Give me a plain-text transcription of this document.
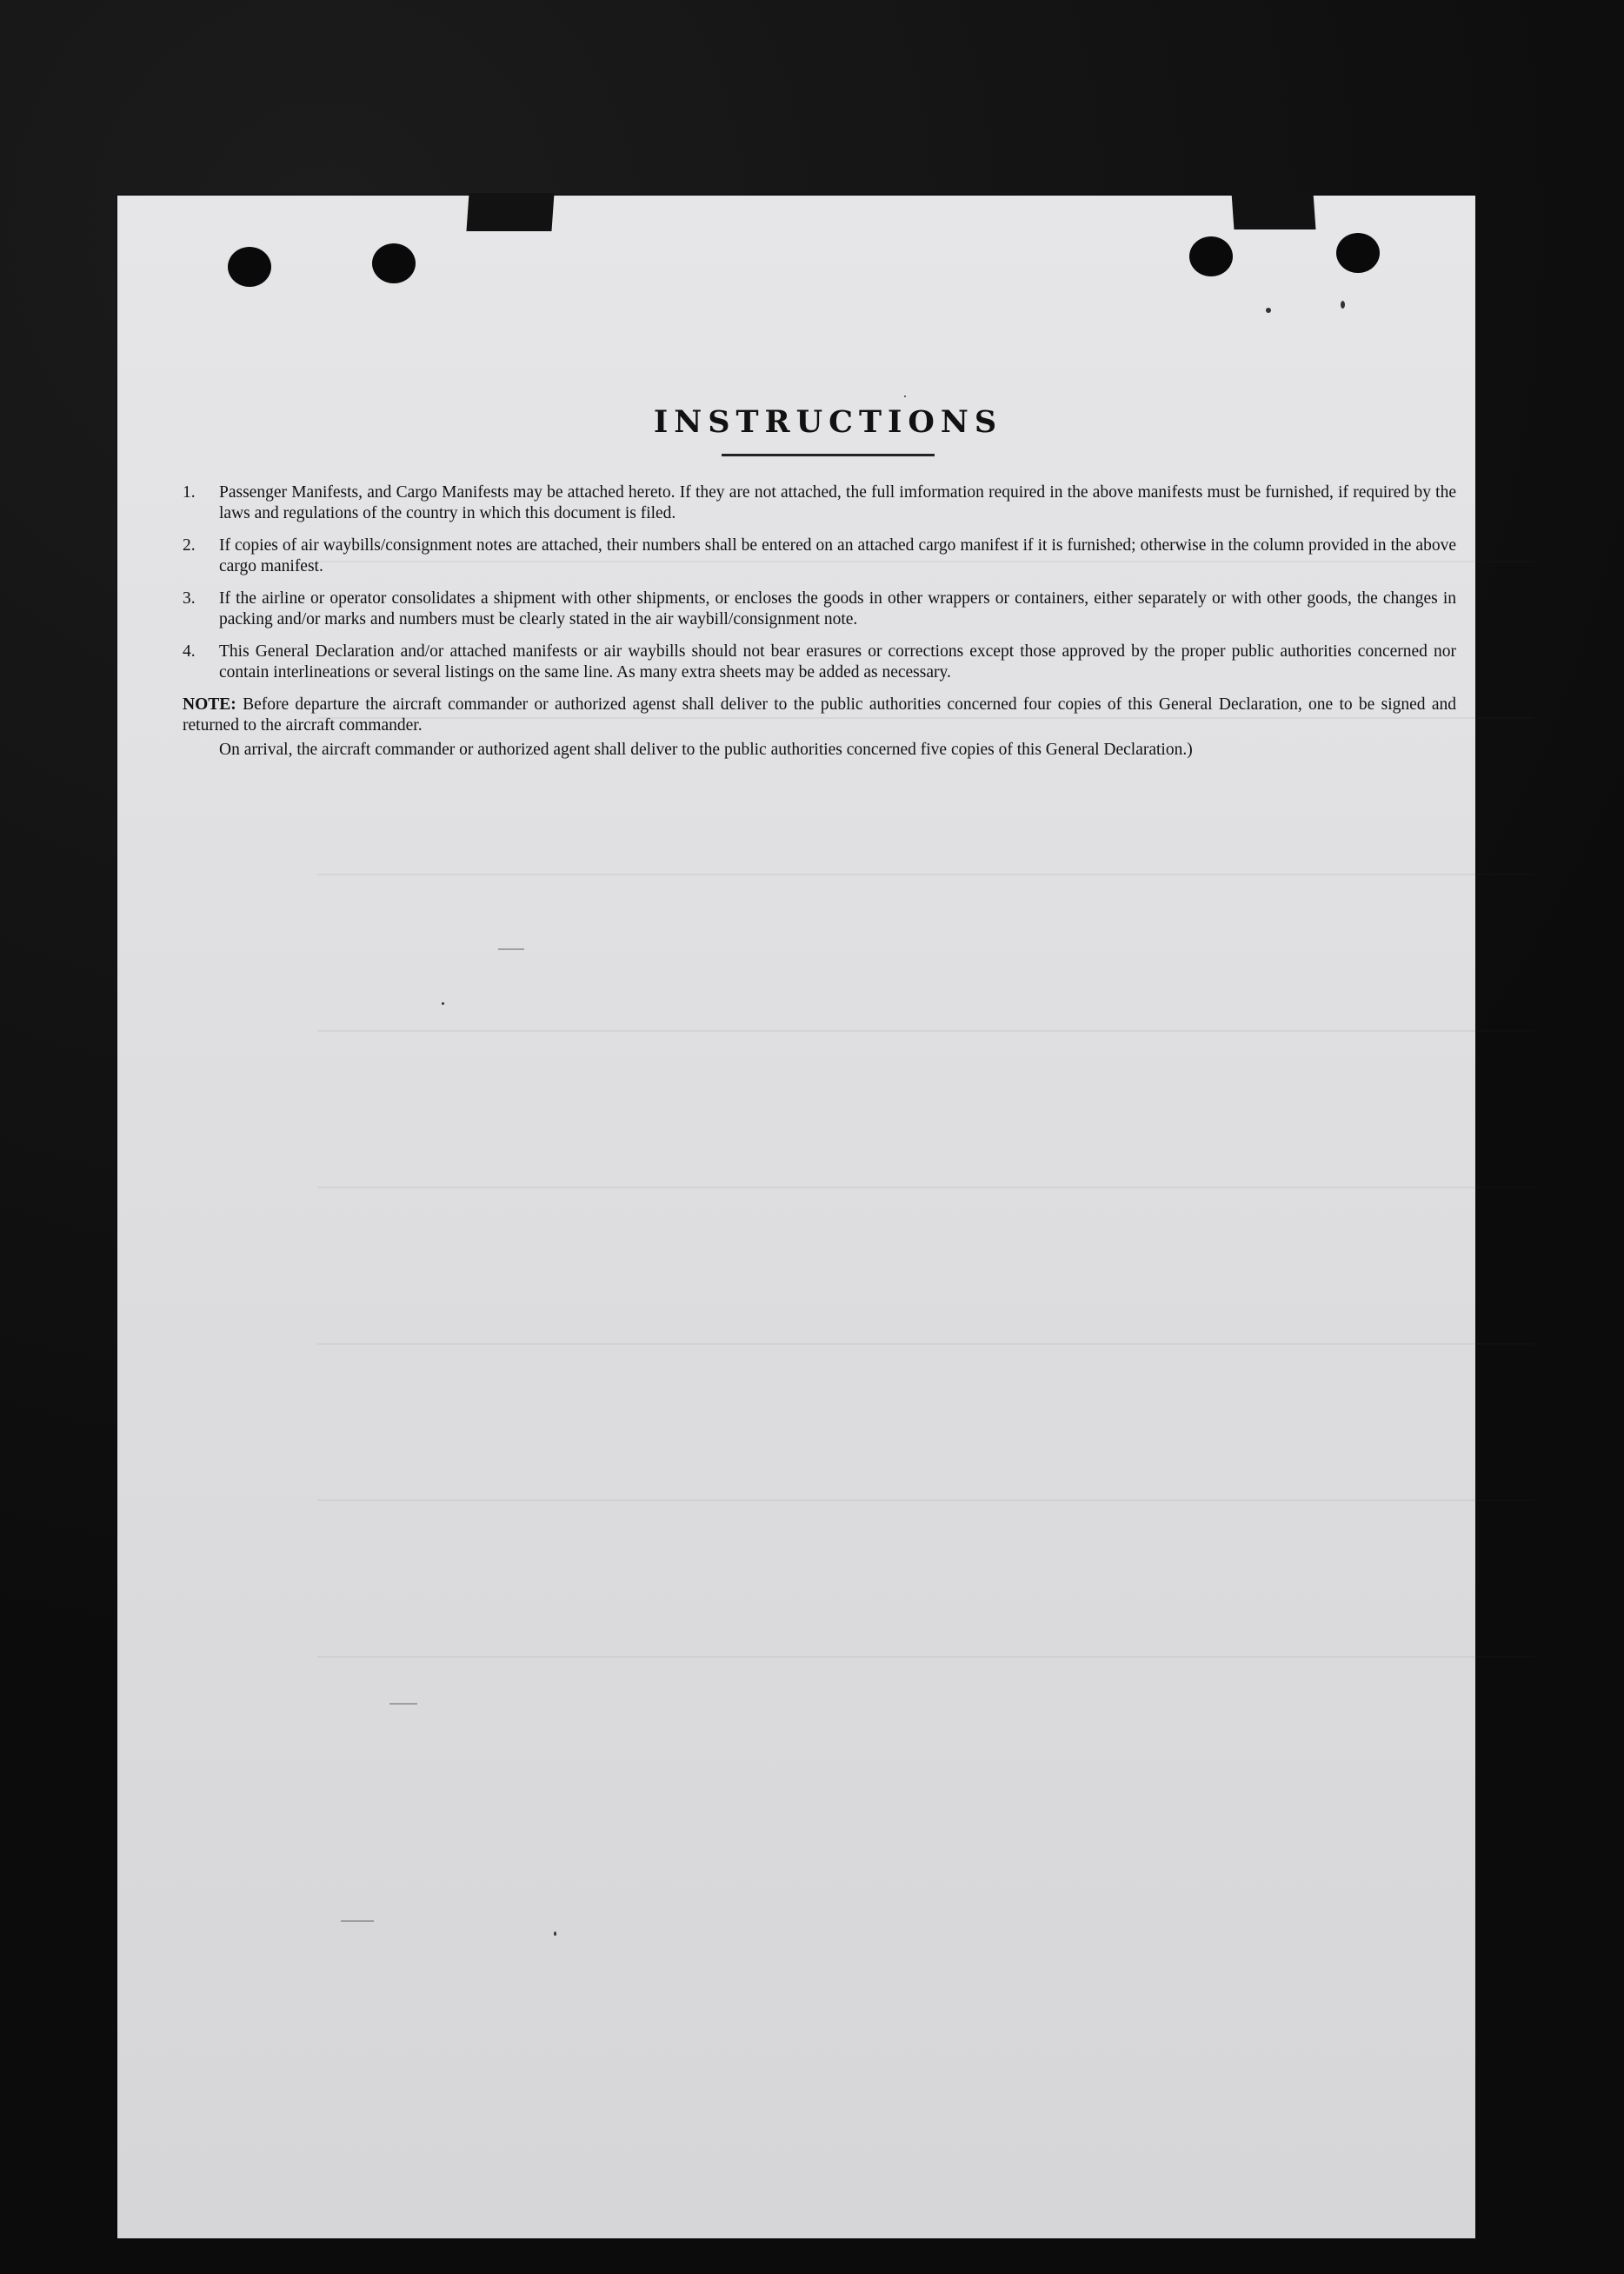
INSTRUCTIONS
1. Passenger Manifests, and Cargo Manifests may be attached hereto. If they are not attached, the full imformation required in the above manifests must be furnished, if required by the laws and regulations of the country in which this document is filed.
2. If copies of air waybills/consignment notes are attached, their numbers shall be entered on an attached cargo manifest if it is furnished; otherwise in the column provided in the above cargo manifest.
3. If the airline or operator consolidates a shipment with other shipments, or encloses the goods in other wrappers or containers, either separately or with other goods, the changes in packing and/or marks and numbers must be clearly stated in the air waybill/consignment note.
4. This General Declaration and/or attached manifests or air waybills should not bear erasures or corrections except those approved by the proper public authorities concerned nor contain interlineations or several listings on the same line. As many extra sheets may be added as necessary.

NOTE: Before departure the aircraft commander or authorized agenst shall deliver to the public authorities concerned four copies of this General Declaration, one to be signed and returned to the aircraft commander.

On arrival, the aircraft commander or authorized agent shall deliver to the public authorities concerned five copies of this General Declaration.)
